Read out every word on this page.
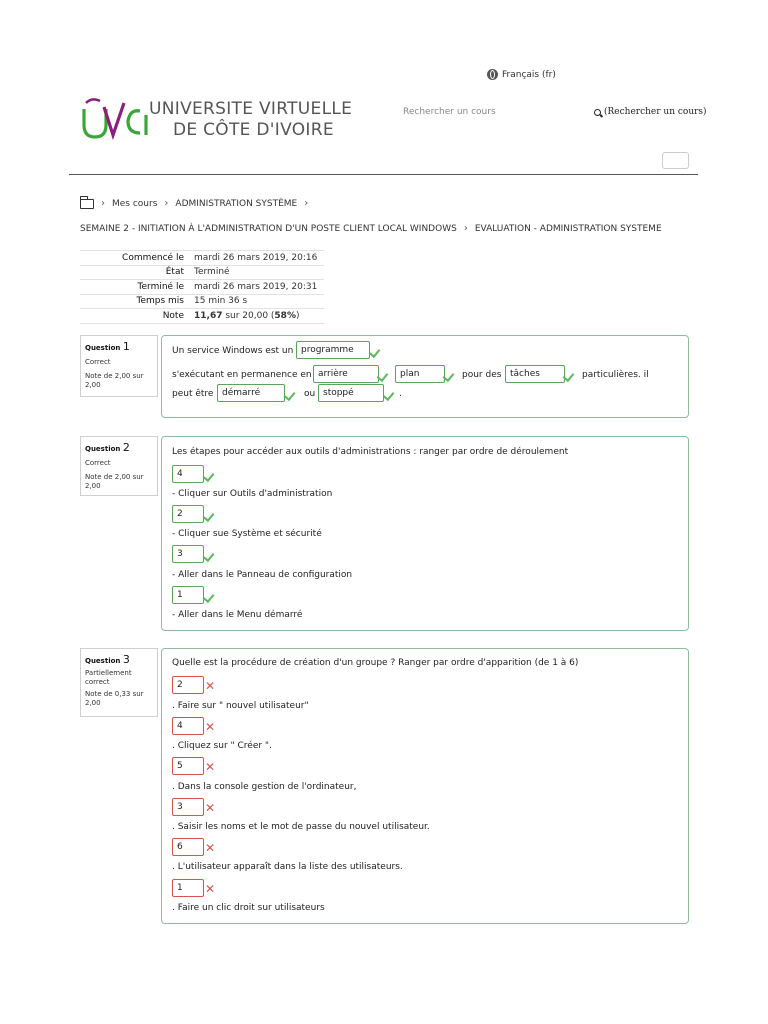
Français (fr)
UNIVERSITE VIRTUELLE
DE CÔTE D'IVOIRE
Rechercher un cours	(Rechercher un cours)
› Mes cours › ADMINISTRATION SYSTÈME ›
SEMAINE 2 - INITIATION À L'ADMINISTRATION D'UN POSTE CLIENT LOCAL WINDOWS › EVALUATION - ADMINISTRATION SYSTEME
Commencé le	mardi 26 mars 2019, 20:16
État	Terminé
Terminé le	mardi 26 mars 2019, 20:31
Temps mis	15 min 36 s
Note	11,67 sur 20,00 (58%)
Question 1
Correct
Note de 2,00 sur 2,00
Un service Windows est un programme
s'exécutant en permanence en arrière	plan	pour des tâches	particulières. il
peut être démarré	ou stoppé	.
Question 2
Correct
Note de 2,00 sur 2,00
Les étapes pour accéder aux outils d'administrations : ranger par ordre de déroulement
4
- Cliquer sur Outils d'administration
2
- Cliquer sue Système et sécurité
3
- Aller dans le Panneau de configuration
1
- Aller dans le Menu démarré
Question 3
Partiellement correct
Note de 0,33 sur 2,00
Quelle est la procédure de création d'un groupe ? Ranger par ordre d'apparition (de 1 à 6)
2	✕
. Faire sur " nouvel utilisateur"
4	✕
. Cliquez sur " Créer ".
5	✕
. Dans la console gestion de l'ordinateur,
3	✕
. Saisir les noms et le mot de passe du nouvel utilisateur.
6	✕
. L'utilisateur apparaît dans la liste des utilisateurs.
1	✕
. Faire un clic droit sur utilisateurs
